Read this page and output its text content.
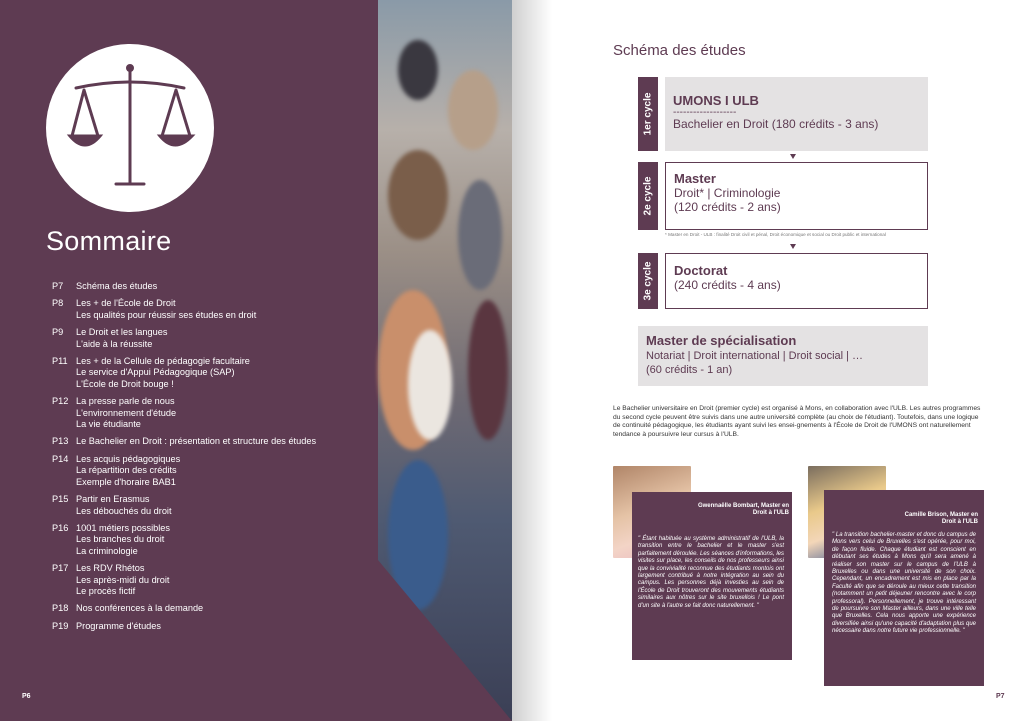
Sommaire
P7	Schéma des études
P8	Les + de l'École de Droit
Les qualités pour réussir ses études en droit
P9	Le Droit et les langues
L'aide à la réussite
P11 Les + de la Cellule de pédagogie facultaire
Le service d'Appui Pédagogique (SAP)
L'École de Droit bouge !
P12 La presse parle de nous
L'environnement d'étude
La vie étudiante
P13 Le Bachelier en Droit : présentation et structure des études
P14 Les acquis pédagogiques
La répartition des crédits
Exemple d'horaire BAB1
P15 Partir en Erasmus
Les débouchés du droit
P16 1001 métiers possibles
Les branches du droit
La criminologie
P17 Les RDV Rhétos
Les après-midi du droit
Le procès fictif
P18 Nos conférences à la demande
P19 Programme d'études
P6
Schéma des études
1er cycle UMONS I ULB
-------------------
Bachelier en Droit (180 crédits - 3 ans)
2e cycle Master
Droit* | Criminologie
(120 crédits - 2 ans)
* Master en Droit - ULB : finalité Droit civil et pénal, Droit économique et social ou Droit public et international
3e cycle Doctorat
(240 crédits - 4 ans)
Master de spécialisation
Notariat | Droit international | Droit social | …
(60 crédits - 1 an)
Le Bachelier universitaire en Droit (premier cycle) est organisé à Mons, en collaboration avec l'ULB. Les autres programmes du second cycle peuvent être suivis dans une autre université complète (au choix de l'étudiant). Toutefois, dans une logique de continuité pédagogique, les étudiants ayant suivi les ensei-gnements à l'École de Droit de l'UMONS ont naturellement tendance à poursuivre leur cursus à l'ULB.
" Étant habituée au système administratif de l'ULB, la transition entre le bachelier et le master s'est parfaitement déroulée. Les séances d'informations, les visites sur place, les conseils de nos professeurs ainsi que la convivialité reconnue des étudiants montois ont largement contribué à notre intégration au sein du campus. Les personnes déjà investies au sein de l'École de Droit trouveront des mouvements étudiants similaires aux nôtres sur le site bruxellois ! Le pont d'un site à l'autre se fait donc naturellement. "
Gwennaëlle Bombart, Master en Droit à l'ULB
" La transition bachelier-master et donc du campus de Mons vers celui de Bruxelles s'est opérée, pour moi, de façon fluide. Chaque étudiant est conscient en débutant ses études à Mons qu'il sera amené à réaliser son master sur le campus de l'ULB à Bruxelles ou dans une université de son choix. Cependant, un encadrement est mis en place par la Faculté afin que se déroule au mieux cette transition (notamment un petit déjeuner rencontre avec le corp professoral). Personnellement, je trouve intéressant de poursuivre son Master ailleurs, dans une ville telle que Bruxelles. Cela nous apporte une expérience diversifiée ainsi qu'une capacité d'adaptation plus que nécessaire dans notre future vie professionnelle. "
Camille Brison, Master en Droit à l'ULB
P7
